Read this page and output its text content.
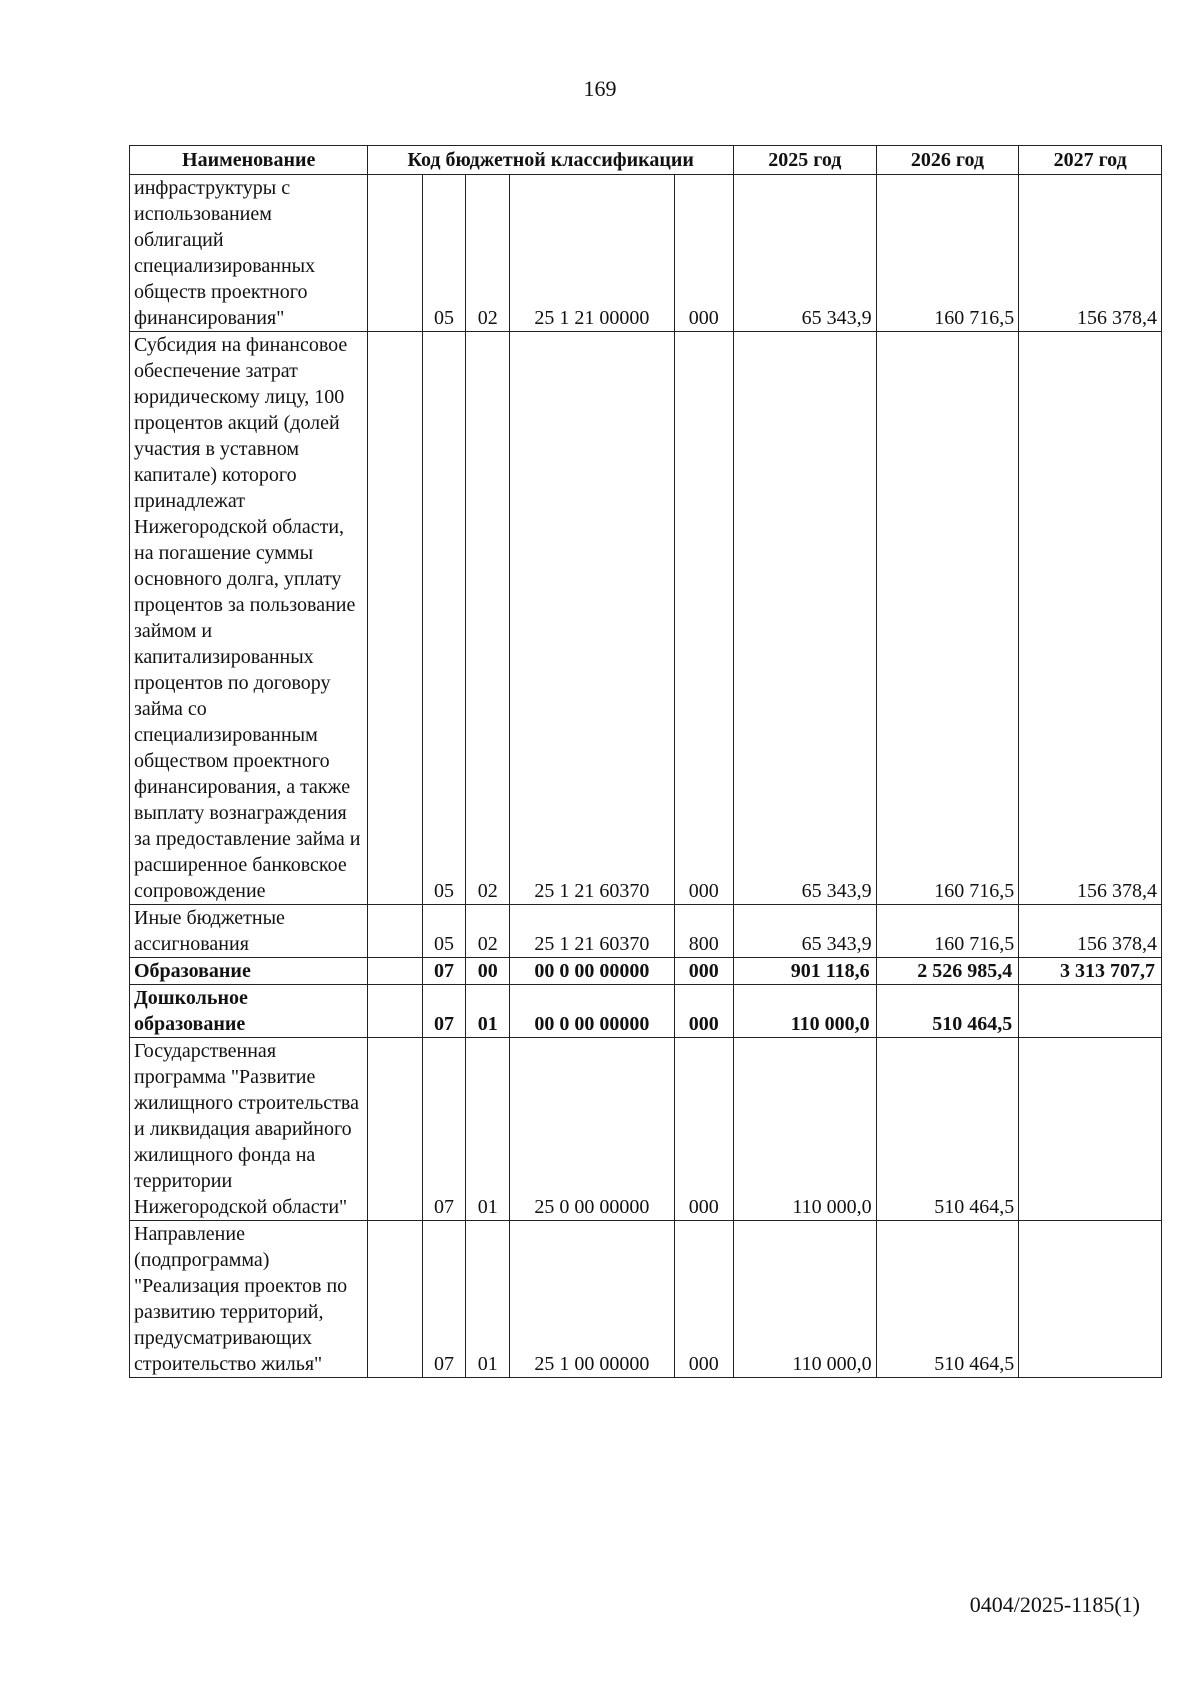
169
Наименование	Код бюджетной классификации					2025 год	2026 год	2027 год
инфраструктуры с использованием облигаций специализированных обществ проектного финансирования"		05	02	25 1 21 00000	000	65 343,9	160 716,5	156 378,4
Субсидия на финансовое обеспечение затрат юридическому лицу, 100 процентов акций (долей участия в уставном капитале) которого принадлежат Нижегородской области, на погашение суммы основного долга, уплату процентов за пользование займом и капитализированных процентов по договору займа со специализированным обществом проектного финансирования, а также выплату вознаграждения за предоставление займа и расширенное банковское сопровождение		05	02	25 1 21 60370	000	65 343,9	160 716,5	156 378,4
Иные бюджетные ассигнования		05	02	25 1 21 60370	800	65 343,9	160 716,5	156 378,4
Образование		07	00	00 0 00 00000	000	901 118,6	2 526 985,4	3 313 707,7
Дошкольное образование		07	01	00 0 00 00000	000	110 000,0	510 464,5	
Государственная программа "Развитие жилищного строительства и ликвидация аварийного жилищного фонда на территории Нижегородской области"		07	01	25 0 00 00000	000	110 000,0	510 464,5	
Направление (подпрограмма) "Реализация проектов по развитию территорий, предусматривающих строительство жилья"		07	01	25 1 00 00000	000	110 000,0	510 464,5	
0404/2025-1185(1)
